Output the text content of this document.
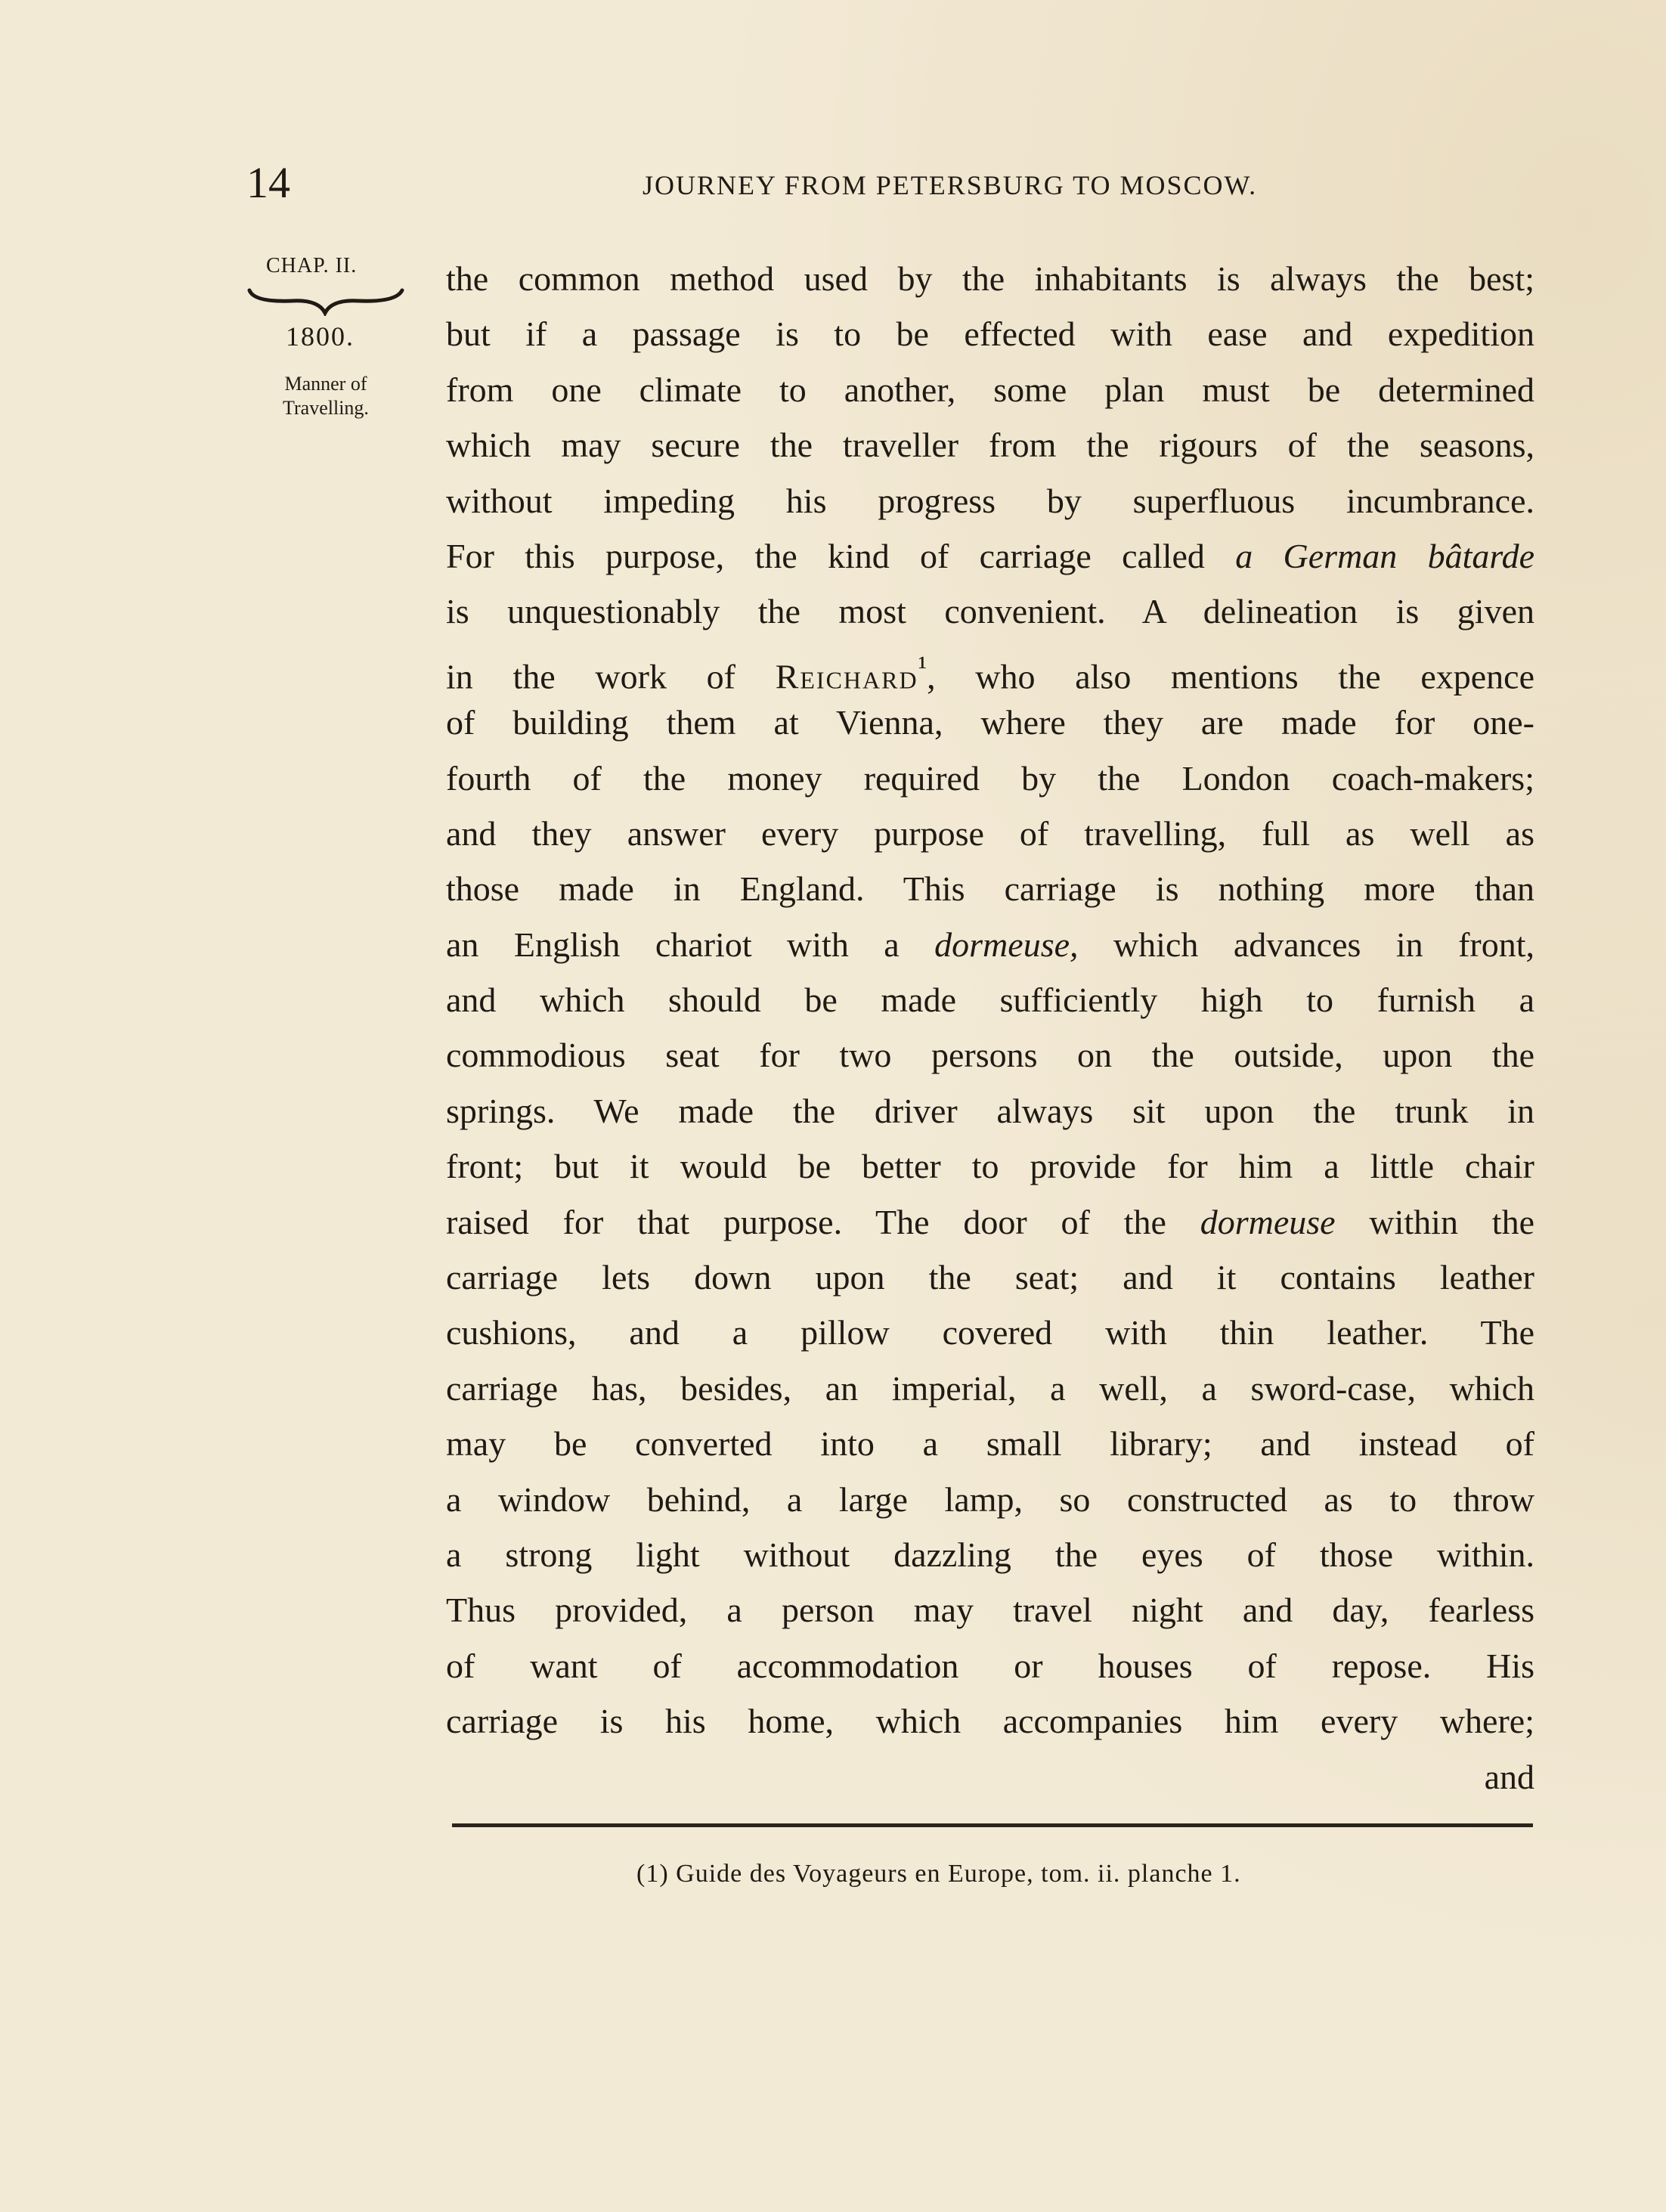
14	JOURNEY FROM PETERSBURG TO MOSCOW.
CHAP. II.
1800.
Manner of
Travelling.
the common method used by the inhabitants is always the best;
but if a passage is to be effected with ease and expedition
from one climate to another, some plan must be determined
which may secure the traveller from the rigours of the seasons,
without impeding his progress by superfluous incumbrance.
For this purpose, the kind of carriage called a German bâtarde
is unquestionably the most convenient. A delineation is given
in the work of Reichard$^{^1}$, who also mentions the expence
of building them at Vienna, where they are made for one-
fourth of the money required by the London coach-makers;
and they answer every purpose of travelling, full as well as
those made in England. This carriage is nothing more than
an English chariot with a dormeuse, which advances in front,
and which should be made sufficiently high to furnish a
commodious seat for two persons on the outside, upon the
springs. We made the driver always sit upon the trunk in
front; but it would be better to provide for him a little chair
raised for that purpose. The door of the dormeuse within the
carriage lets down upon the seat; and it contains leather
cushions, and a pillow covered with thin leather. The
carriage has, besides, an imperial, a well, a sword-case, which
may be converted into a small library; and instead of
a window behind, a large lamp, so constructed as to throw
a strong light without dazzling the eyes of those within.
Thus provided, a person may travel night and day, fearless
of want of accommodation or houses of repose. His
carriage is his home, which accompanies him every where;
and
(1) Guide des Voyageurs en Europe, tom. ii. planche 1.
